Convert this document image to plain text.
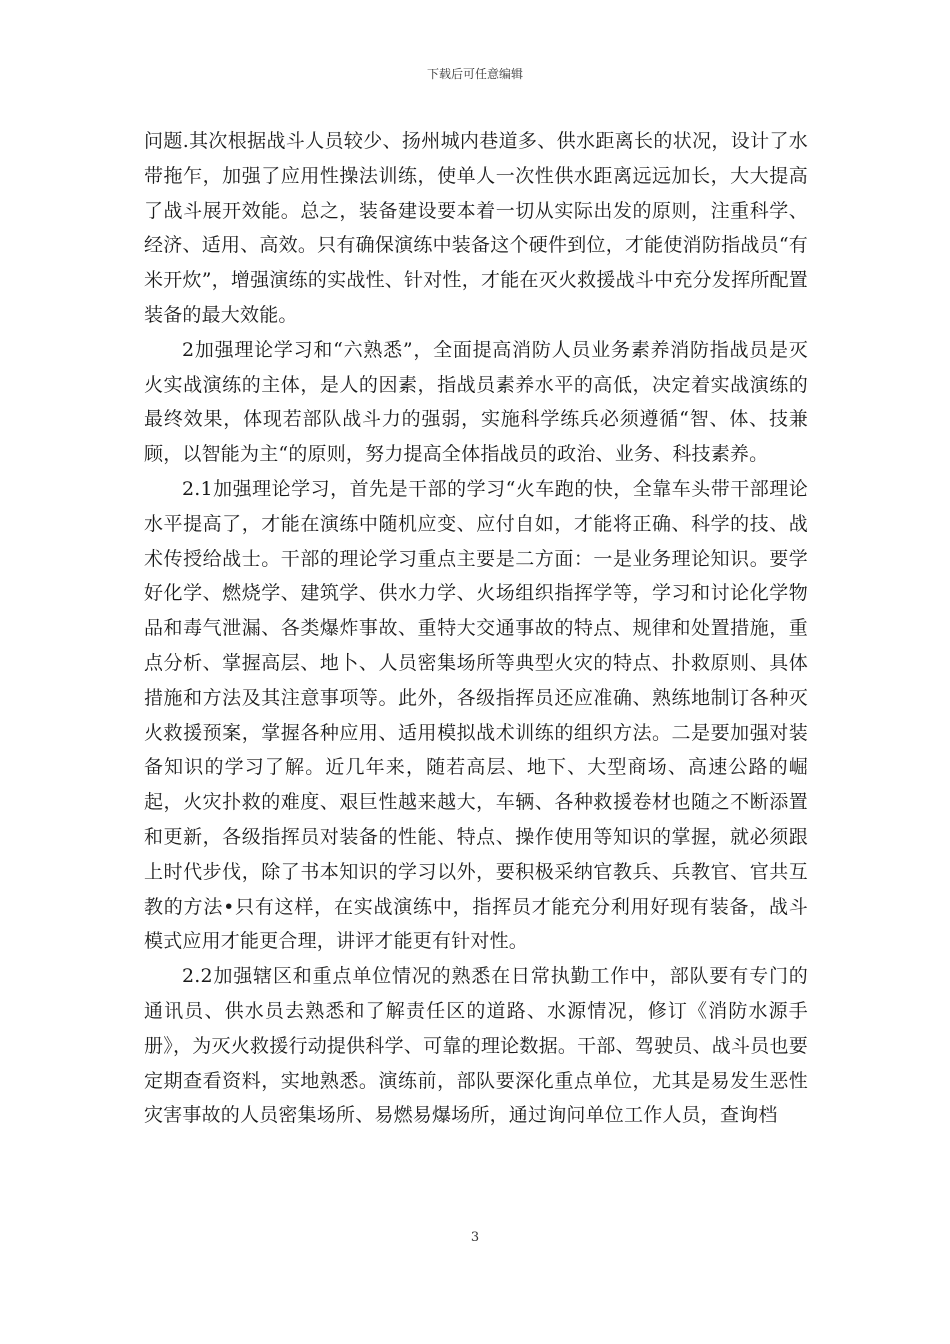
下载后可任意编辑

问题.其次根据战斗人员较少、扬州城内巷道多、供水距离长的状况，设计了水带拖乍，加强了应用性操法训练，使单人一次性供水距离远远加长，大大提高了战斗展开效能。总之，装备建设要本着一切从实际出发的原则，注重科学、经济、适用、高效。只有确保演练中装备这个硬件到位，才能使消防指战员“有米开炊”，增强演练的实战性、针对性，才能在灭火救援战斗中充分发挥所配置装备的最大效能。

2加强理论学习和“六熟悉”，全面提高消防人员业务素养消防指战员是灭火实战演练的主体，是人的因素，指战员素养水平的高低，决定着实战演练的最终效果，体现若部队战斗力的强弱，实施科学练兵必须遵循“智、体、技兼顾，以智能为主“的原则，努力提高全体指战员的政治、业务、科技素养。

2.1加强理论学习，首先是干部的学习“火车跑的快，全靠车头带干部理论水平提高了，才能在演练中随机应变、应付自如，才能将正确、科学的技、战术传授给战士。干部的理论学习重点主要是二方面：一是业务理论知识。要学好化学、燃烧学、建筑学、供水力学、火场组织指挥学等，学习和讨论化学物品和毒气泄漏、各类爆炸事故、重特大交通事故的特点、规律和处置措施，重点分析、掌握高层、地卜、人员密集场所等典型火灾的特点、扑救原则、具体措施和方法及其注意事项等。此外，各级指挥员还应准确、熟练地制订各种灭火救援预案，掌握各种应用、适用模拟战术训练的组织方法。二是要加强对装备知识的学习了解。近几年来，随若高层、地下、大型商场、高速公路的崛起，火灾扑救的难度、艰巨性越来越大，车辆、各种救援卷材也随之不断添置和更新，各级指挥员对装备的性能、特点、操作使用等知识的掌握，就必须跟上时代步伐，除了书本知识的学习以外，要积极采纳官教兵、兵教官、官共互教的方法•只有这样，在实战演练中，指挥员才能充分利用好现有装备，战斗模式应用才能更合理，讲评才能更有针对性。

2.2加强辖区和重点单位情况的熟悉在日常执勤工作中，部队要有专门的通讯员、供水员去熟悉和了解责任区的道路、水源情况，修订《消防水源手册》，为灭火救援行动提供科学、可靠的理论数据。干部、驾驶员、战斗员也要定期查看资料，实地熟悉。演练前，部队要深化重点单位，尤其是易发生恶性灾害事故的人员密集场所、易燃易爆场所，通过询问单位工作人员，查询档

3
